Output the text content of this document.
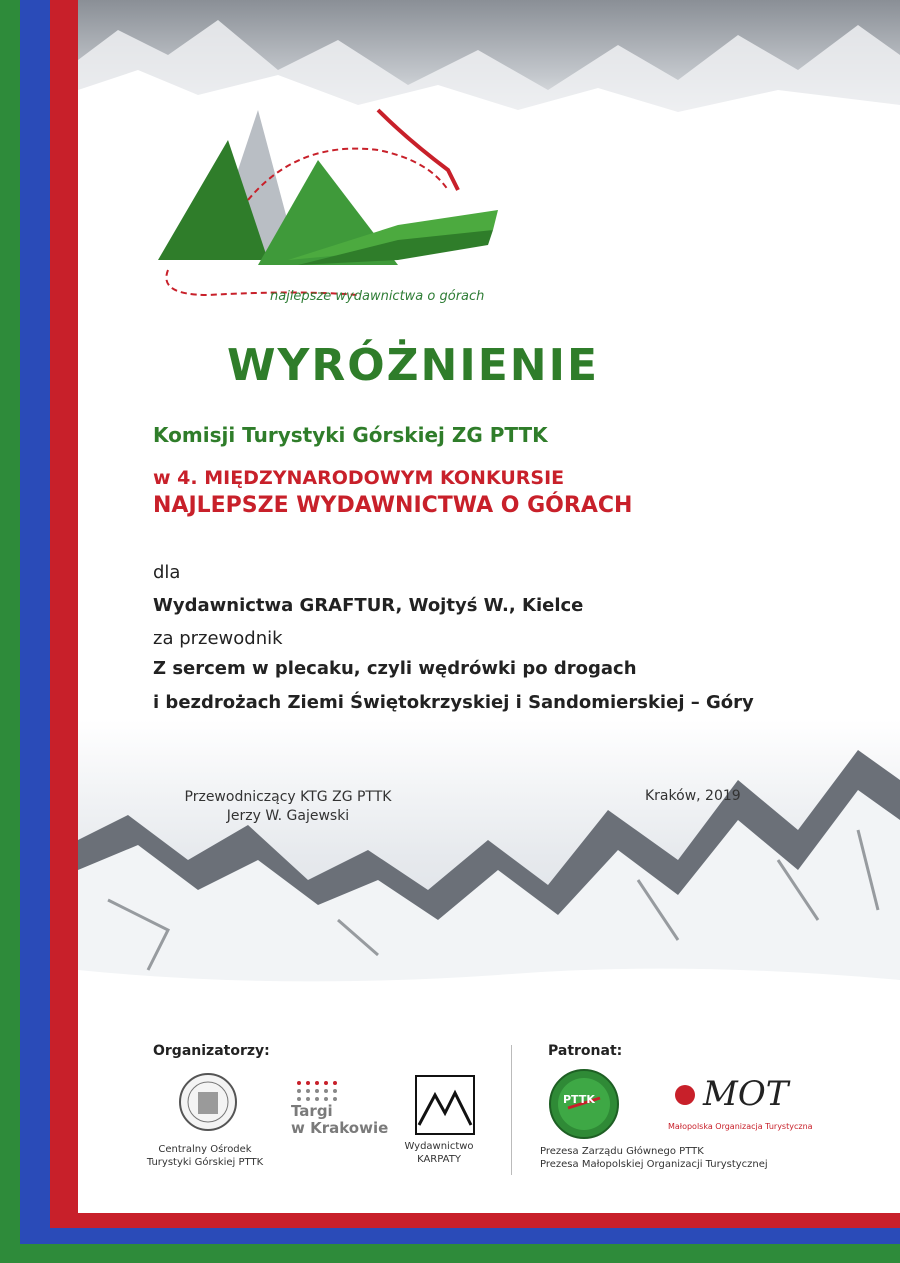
najlepsze wydawnictwa o górach
WYRÓŻNIENIE
Komisji Turystyki Górskiej ZG PTTK
w 4. MIĘDZYNARODOWYM KONKURSIE
NAJLEPSZE WYDAWNICTWA O GÓRACH
dla
Wydawnictwa GRAFTUR, Wojtyś W., Kielce
za przewodnik
Z sercem w plecaku, czyli wędrówki po drogach
i bezdrożach Ziemi Świętokrzyskiej i Sandomierskiej – Góry
Przewodniczący KTG ZG PTTK
Jerzy W. Gajewski
Kraków, 2019
Organizatorzy:	Patronat:
Centralny Ośrodek
Turystyki Górskiej PTTK
Targi
w Krakowie
Wydawnictwo
KARPATY
PTTK	MOT
Małopolska Organizacja Turystyczna
Prezesa Zarządu Głównego PTTK
Prezesa Małopolskiej Organizacji Turystycznej
